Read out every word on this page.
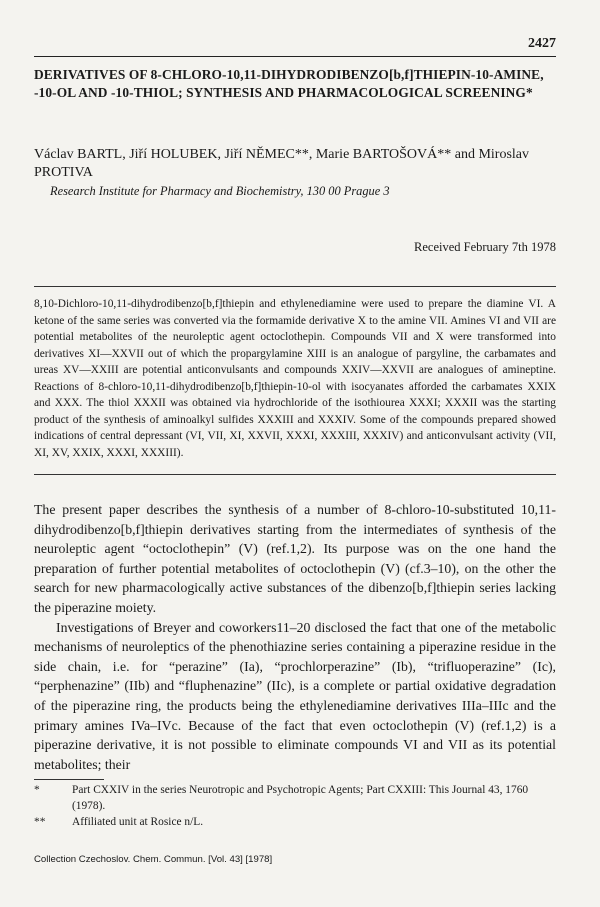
2427
DERIVATIVES OF 8-CHLORO-10,11-DIHYDRODIBENZO[b,f]THIEPIN-10-AMINE, -10-OL AND -10-THIOL; SYNTHESIS AND PHARMACOLOGICAL SCREENING*
Václav BARTL, Jiří HOLUBEK, Jiří NĚMEC**, Marie BARTOŠOVÁ** and Miroslav PROTIVA
Research Institute for Pharmacy and Biochemistry, 130 00 Prague 3
Received February 7th 1978
8,10-Dichloro-10,11-dihydrodibenzo[b,f]thiepin and ethylenediamine were used to prepare the diamine VI. A ketone of the same series was converted via the formamide derivative X to the amine VII. Amines VI and VII are potential metabolites of the neuroleptic agent octoclothepin. Compounds VII and X were transformed into derivatives XI—XXVII out of which the propargylamine XIII is an analogue of pargyline, the carbamates and ureas XV—XXIII are potential anticonvulsants and compounds XXIV—XXVII are analogues of amineptine. Reactions of 8-chloro-10,11-dihydrodibenzo[b,f]thiepin-10-ol with isocyanates afforded the carbamates XXIX and XXX. The thiol XXXII was obtained via hydrochloride of the isothiourea XXXI; XXXII was the starting product of the synthesis of aminoalkyl sulfides XXXIII and XXXIV. Some of the compounds prepared showed indications of central depressant (VI, VII, XI, XXVII, XXXI, XXXIII, XXXIV) and anticonvulsant activity (VII, XI, XV, XXIX, XXXI, XXXIII).

The present paper describes the synthesis of a number of 8-chloro-10-substituted 10,11-dihydrodibenzo[b,f]thiepin derivatives starting from the intermediates of synthesis of the neuroleptic agent “octoclothepin” (V) (ref.1,2). Its purpose was on the one hand the preparation of further potential metabolites of octoclothepin (V) (cf.3–10), on the other the search for new pharmacologically active substances of the dibenzo[b,f]thiepin series lacking the piperazine moiety.

Investigations of Breyer and coworkers11–20 disclosed the fact that one of the metabolic mechanisms of neuroleptics of the phenothiazine series containing a piperazine residue in the side chain, i.e. for “perazine” (Ia), “prochlorperazine” (Ib), “trifluoperazine” (Ic), “perphenazine” (IIb) and “fluphenazine” (IIc), is a complete or partial oxidative degradation of the piperazine ring, the products being the ethylenediamine derivatives IIIa–IIIc and the primary amines IVa–IVc. Because of the fact that even octoclothepin (V) (ref.1,2) is a piperazine derivative, it is not possible to eliminate compounds VI and VII as its potential metabolites; their

*	Part CXXIV in the series Neurotropic and Psychotropic Agents; Part CXXIII: This Journal 43, 1760 (1978).
**	Affiliated unit at Rosice n/L.
Collection Czechoslov. Chem. Commun. [Vol. 43] [1978]
